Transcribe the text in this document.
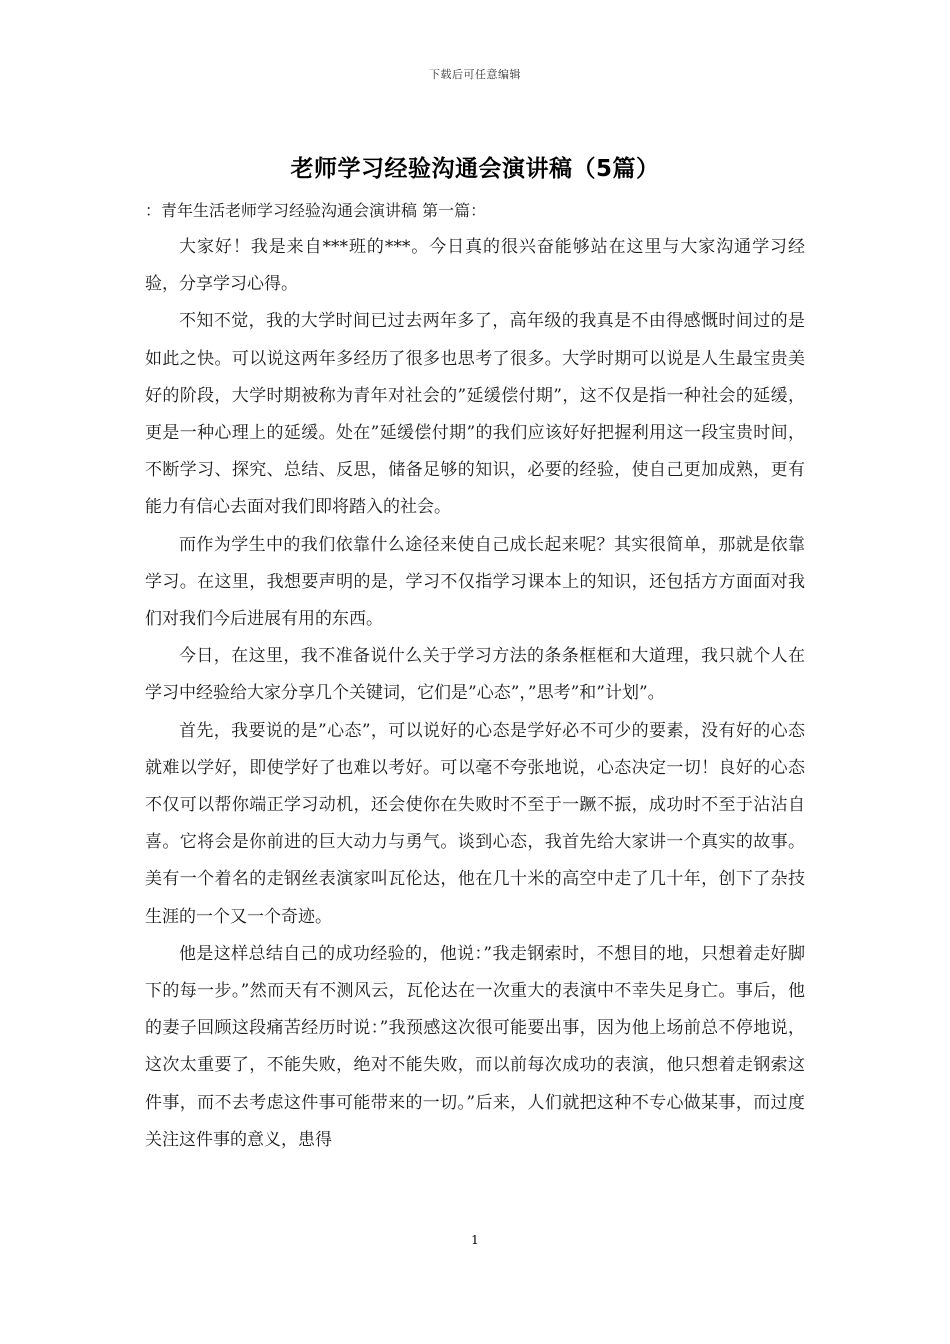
下载后可任意编辑
老师学习经验沟通会演讲稿（5篇）

：青年生活老师学习经验沟通会演讲稿 第一篇：

大家好！我是来自***班的***。今日真的很兴奋能够站在这里与大家沟通学习经验，分享学习心得。

不知不觉，我的大学时间已过去两年多了，高年级的我真是不由得感慨时间过的是如此之快。可以说这两年多经历了很多也思考了很多。大学时期可以说是人生最宝贵美好的阶段，大学时期被称为青年对社会的”延缓偿付期”，这不仅是指一种社会的延缓，更是一种心理上的延缓。处在”延缓偿付期”的我们应该好好把握利用这一段宝贵时间，不断学习、探究、总结、反思，储备足够的知识，必要的经验，使自己更加成熟，更有能力有信心去面对我们即将踏入的社会。

而作为学生中的我们依靠什么途径来使自己成长起来呢？其实很简单，那就是依靠学习。在这里，我想要声明的是，学习不仅指学习课本上的知识，还包括方方面面对我们对我们今后进展有用的东西。

今日，在这里，我不准备说什么关于学习方法的条条框框和大道理，我只就个人在学习中经验给大家分享几个关键词，它们是”心态”，”思考”和”计划”。

首先，我要说的是”心态”，可以说好的心态是学好必不可少的要素，没有好的心态就难以学好，即使学好了也难以考好。可以毫不夸张地说，心态决定一切！良好的心态不仅可以帮你端正学习动机，还会使你在失败时不至于一蹶不振，成功时不至于沾沾自喜。它将会是你前进的巨大动力与勇气。谈到心态，我首先给大家讲一个真实的故事。美有一个着名的走钢丝表演家叫瓦伦达，他在几十米的高空中走了几十年，创下了杂技生涯的一个又一个奇迹。

他是这样总结自己的成功经验的，他说：”我走钢索时，不想目的地，只想着走好脚下的每一步。”然而天有不测风云，瓦伦达在一次重大的表演中不幸失足身亡。事后，他的妻子回顾这段痛苦经历时说：”我预感这次很可能要出事，因为他上场前总不停地说，这次太重要了，不能失败，绝对不能失败，而以前每次成功的表演，他只想着走钢索这件事，而不去考虑这件事可能带来的一切。”后来，人们就把这种不专心做某事，而过度关注这件事的意义，患得

1
